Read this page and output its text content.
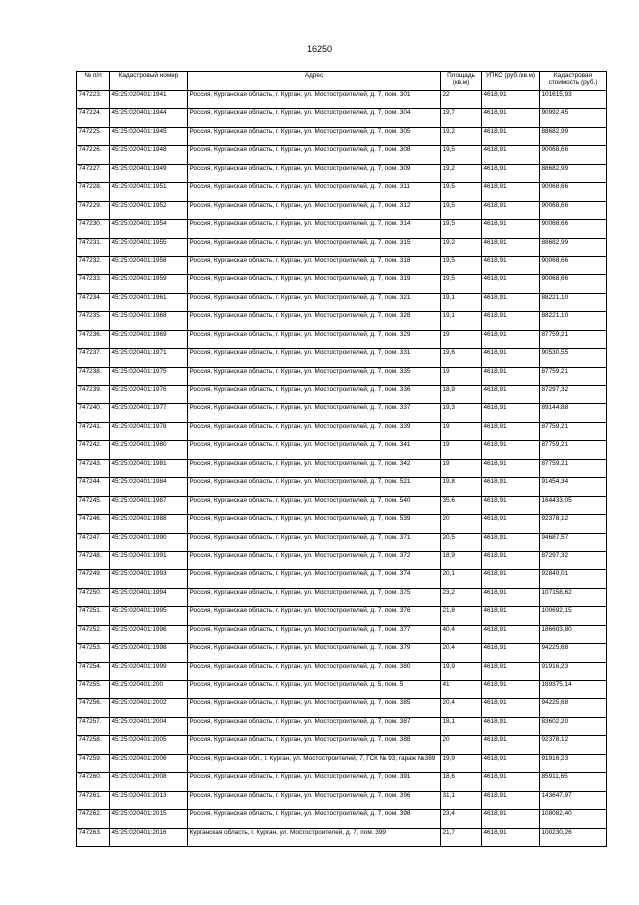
16250
№ п/п	Кадастровый номер	Адрес	Площадь (кв.м)	УПКС (руб./кв.м)	Кадастровая стоимость (руб.)
747223.	45:25:020401:1941	Россия, Курганская область, г. Курган, ул. Мостостроителей, д. 7, пом. 301	22	4618,91	101615,93
747224.	45:25:020401:1944	Россия, Курганская область, г. Курган, ул. Мостостроителей, д. 7, пом. 304	19,7	4618,91	90992,45
747225.	45:25:020401:1945	Россия, Курганская область, г. Курган, ул. Мостостроителей, д. 7, пом. 305	19,2	4618,91	88682,99
747226.	45:25:020401:1948	Россия, Курганская область, г. Курган, ул. Мостостроителей, д. 7, пом. 308	19,5	4618,91	90068,66
747227.	45:25:020401:1949	Россия, Курганская область, г. Курган, ул. Мостостроителей, д. 7, пом. 309	19,2	4618,91	88682,99
747228.	45:25:020401:1951	Россия, Курганская область, г. Курган, ул. Мостостроителей, д. 7, пом. 311	19,5	4618,91	90068,66
747229.	45:25:020401:1952	Россия, Курганская область, г. Курган, ул. Мостостроителей, д. 7, пом. 312	19,5	4618,91	90068,66
747230.	45:25:020401:1954	Россия, Курганская область, г. Курган, ул. Мостостроителей, д. 7, пом. 314	19,5	4618,91	90068,66
747231.	45:25:020401:1955	Россия, Курганская область, г. Курган, ул. Мостостроителей, д. 7, пом. 315	19,2	4618,91	88682,99
747232.	45:25:020401:1958	Россия, Курганская область, г. Курган, ул. Мостостроителей, д. 7, пом. 318	19,5	4618,91	90068,66
747233.	45:25:020401:1959	Россия, Курганская область, г. Курган, ул. Мостостроителей, д. 7, пом. 319	19,5	4618,91	90068,66
747234.	45:25:020401:1961	Россия, Курганская область, г. Курган, ул. Мостостроителей, д. 7, пом. 321	19,1	4618,91	88221,10
747235.	45:25:020401:1968	Россия, Курганская область, г. Курган, ул. Мостостроителей, д. 7, пом. 328	19,1	4618,91	88221,10
747236.	45:25:020401:1969	Россия, Курганская область, г. Курган, ул. Мостостроителей, д. 7, пом. 329	19	4618,91	87759,21
747237.	45:25:020401:1971	Россия, Курганская область, г. Курган, ул. Мостостроителей, д. 7, пом. 331	19,6	4618,91	90530,55
747238.	45:25:020401:1975	Россия, Курганская область, г. Курган, ул. Мостостроителей, д. 7, пом. 335	19	4618,91	87759,21
747239.	45:25:020401:1976	Россия, Курганская область, г. Курган, ул. Мостостроителей, д. 7, пом. 336	18,9	4618,91	87297,32
747240.	45:25:020401:1977	Россия, Курганская область, г. Курган, ул. Мостостроителей, д. 7, пом. 337	19,3	4618,91	89144,88
747241.	45:25:020401:1978	Россия, Курганская область, г. Курган, ул. Мостостроителей, д. 7, пом. 339	19	4618,91	87759,21
747242.	45:25:020401:1980	Россия, Курганская область, г. Курган, ул. Мостостроителей, д. 7, пом. 341	19	4618,91	87759,21
747243.	45:25:020401:1981	Россия, Курганская область, г. Курган, ул. Мостостроителей, д. 7, пом. 342	19	4618,91	87759,21
747244.	45:25:020401:1984	Россия, Курганская область, г. Курган, ул. Мостостроителей, д. 7, пом. 521	19,8	4618,91	91454,34
747245.	45:25:020401:1987	Россия, Курганская область, г. Курган, ул. Мостостроителей, д. 7, пом. 540	35,6	4618,91	164433,05
747246.	45:25:020401:1988	Россия, Курганская область, г. Курган, ул. Мостостроителей, д. 7, пом. 539	20	4618,91	92378,12
747247.	45:25:020401:1990	Россия, Курганская область, г. Курган, ул. Мостостроителей, д. 7, пом. 371	20,5	4618,91	94687,57
747248.	45:25:020401:1991	Россия, Курганская область, г. Курган, ул. Мостостроителей, д. 7, пом. 372	18,9	4618,91	87297,32
747249.	45:25:020401:1993	Россия, Курганская область, г. Курган, ул. Мостостроителей, д. 7, пом. 374	20,1	4618,91	92840,01
747250.	45:25:020401:1994	Россия, Курганская область, г. Курган, ул. Мостостроителей, д. 7, пом. 375	23,2	4618,91	107158,62
747251.	45:25:020401:1995	Россия, Курганская область, г. Курган, ул. Мостостроителей, д. 7, пом. 376	21,8	4618,91	100692,15
747252.	45:25:020401:1996	Россия, Курганская область, г. Курган, ул. Мостостроителей, д. 7, пом. 377	40,4	4618,91	186603,80
747253.	45:25:020401:1998	Россия, Курганская область, г. Курган, ул. Мостостроителей, д. 7, пом. 379	20,4	4618,91	94225,68
747254.	45:25:020401:1999	Россия, Курганская область, г. Курган, ул. Мостостроителей, д. 7, пом. 380	19,9	4618,91	91916,23
747255.	45:25:020401:200	Россия, Курганская область, г. Курган, ул. Мостостроителей, д. 5, пом. 5	41	4618,91	189375,14
747256.	45:25:020401:2002	Россия, Курганская область, г. Курган, ул. Мостостроителей, д. 7, пом. 385	20,4	4618,91	94225,68
747257.	45:25:020401:2004	Россия, Курганская область, г. Курган, ул. Мостостроителей, д. 7, пом. 387	18,1	4618,91	83602,20
747258.	45:25:020401:2005	Россия, Курганская область, г. Курган, ул. Мостостроителей, д. 7, пом. 388	20	4618,91	92378,12
747259.	45:25:020401:2006	Россия, Курганская обл., г. Курган, ул. Мостостроителей, 7, ГСК № 93, гараж №389	19,9	4618,91	91916,23
747260.	45:25:020401:2008	Россия, Курганская область, г. Курган, ул. Мостостроителей, д. 7, пом. 391	18,6	4618,91	85911,65
747261.	45:25:020401:2013	Россия, Курганская область, г. Курган, ул. Мостостроителей, д. 7, пом. 396	31,1	4618,91	143647,97
747262.	45:25:020401:2015	Россия, Курганская область, г. Курган, ул. Мостостроителей, д. 7, пом. 398	23,4	4618,91	108082,40
747263.	45:25:020401:2016	Курганская область, г. Курган, ул. Мостостроителей, д. 7, пом. 399	21,7	4618,91	100230,26
